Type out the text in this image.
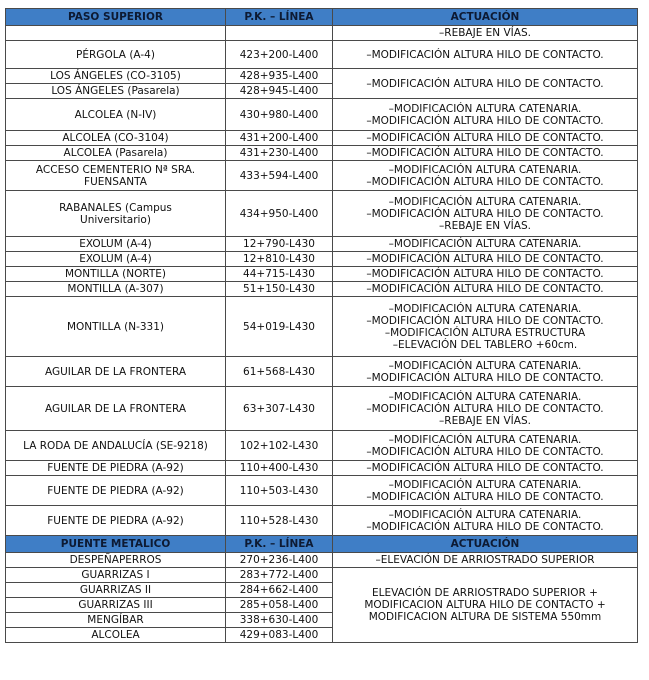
PASO SUPERIOR	P.K. – LÍNEA	ACTUACIÓN
		–REBAJE EN VÍAS.
PÉRGOLA (A-4)	423+200-L400	–MODIFICACIÓN ALTURA HILO DE CONTACTO.
LOS ÁNGELES (CO-3105)	428+935-L400	–MODIFICACIÓN ALTURA HILO DE CONTACTO.
LOS ÁNGELES (Pasarela)	428+945-L400	
ALCOLEA (N-IV)	430+980-L400	–MODIFICACIÓN ALTURA CATENARIA.
–MODIFICACIÓN ALTURA HILO DE CONTACTO.
ALCOLEA (CO-3104)	431+200-L400	–MODIFICACIÓN ALTURA HILO DE CONTACTO.
ALCOLEA (Pasarela)	431+230-L400	–MODIFICACIÓN ALTURA HILO DE CONTACTO.
ACCESO CEMENTERIO Nª SRA.
FUENSANTA	433+594-L400	–MODIFICACIÓN ALTURA CATENARIA.
–MODIFICACIÓN ALTURA HILO DE CONTACTO.
RABANALES (Campus
Universitario)	434+950-L400	–MODIFICACIÓN ALTURA CATENARIA.
–MODIFICACIÓN ALTURA HILO DE CONTACTO.
–REBAJE EN VÍAS.
EXOLUM (A-4)	12+790-L430	–MODIFICACIÓN ALTURA CATENARIA.
EXOLUM (A-4)	12+810-L430	–MODIFICACIÓN ALTURA HILO DE CONTACTO.
MONTILLA (NORTE)	44+715-L430	–MODIFICACIÓN ALTURA HILO DE CONTACTO.
MONTILLA (A-307)	51+150-L430	–MODIFICACIÓN ALTURA HILO DE CONTACTO.
MONTILLA (N-331)	54+019-L430	–MODIFICACIÓN ALTURA CATENARIA.
–MODIFICACIÓN ALTURA HILO DE CONTACTO.
–MODIFICACIÓN ALTURA ESTRUCTURA
–ELEVACIÓN DEL TABLERO +60cm.
AGUILAR DE LA FRONTERA	61+568-L430	–MODIFICACIÓN ALTURA CATENARIA.
–MODIFICACIÓN ALTURA HILO DE CONTACTO.
AGUILAR DE LA FRONTERA	63+307-L430	–MODIFICACIÓN ALTURA CATENARIA.
–MODIFICACIÓN ALTURA HILO DE CONTACTO.
–REBAJE EN VÍAS.
LA RODA DE ANDALUCÍA (SE-9218)	102+102-L430	–MODIFICACIÓN ALTURA CATENARIA.
–MODIFICACIÓN ALTURA HILO DE CONTACTO.
FUENTE DE PIEDRA (A-92)	110+400-L430	–MODIFICACIÓN ALTURA HILO DE CONTACTO.
FUENTE DE PIEDRA (A-92)	110+503-L430	–MODIFICACIÓN ALTURA CATENARIA.
–MODIFICACIÓN ALTURA HILO DE CONTACTO.
FUENTE DE PIEDRA (A-92)	110+528-L430	–MODIFICACIÓN ALTURA CATENARIA.
–MODIFICACIÓN ALTURA HILO DE CONTACTO.
PUENTE METALICO	P.K. – LÍNEA	ACTUACIÓN
DESPEÑAPERROS	270+236-L400	–ELEVACIÓN DE ARRIOSTRADO SUPERIOR
GUARRIZAS I	283+772-L400	ELEVACIÓN DE ARRIOSTRADO SUPERIOR +
MODIFICACION ALTURA HILO DE CONTACTO +
MODIFICACION ALTURA DE SISTEMA 550mm
GUARRIZAS II	284+662-L400	
GUARRIZAS III	285+058-L400	
MENGÍBAR	338+630-L400	
ALCOLEA	429+083-L400	
